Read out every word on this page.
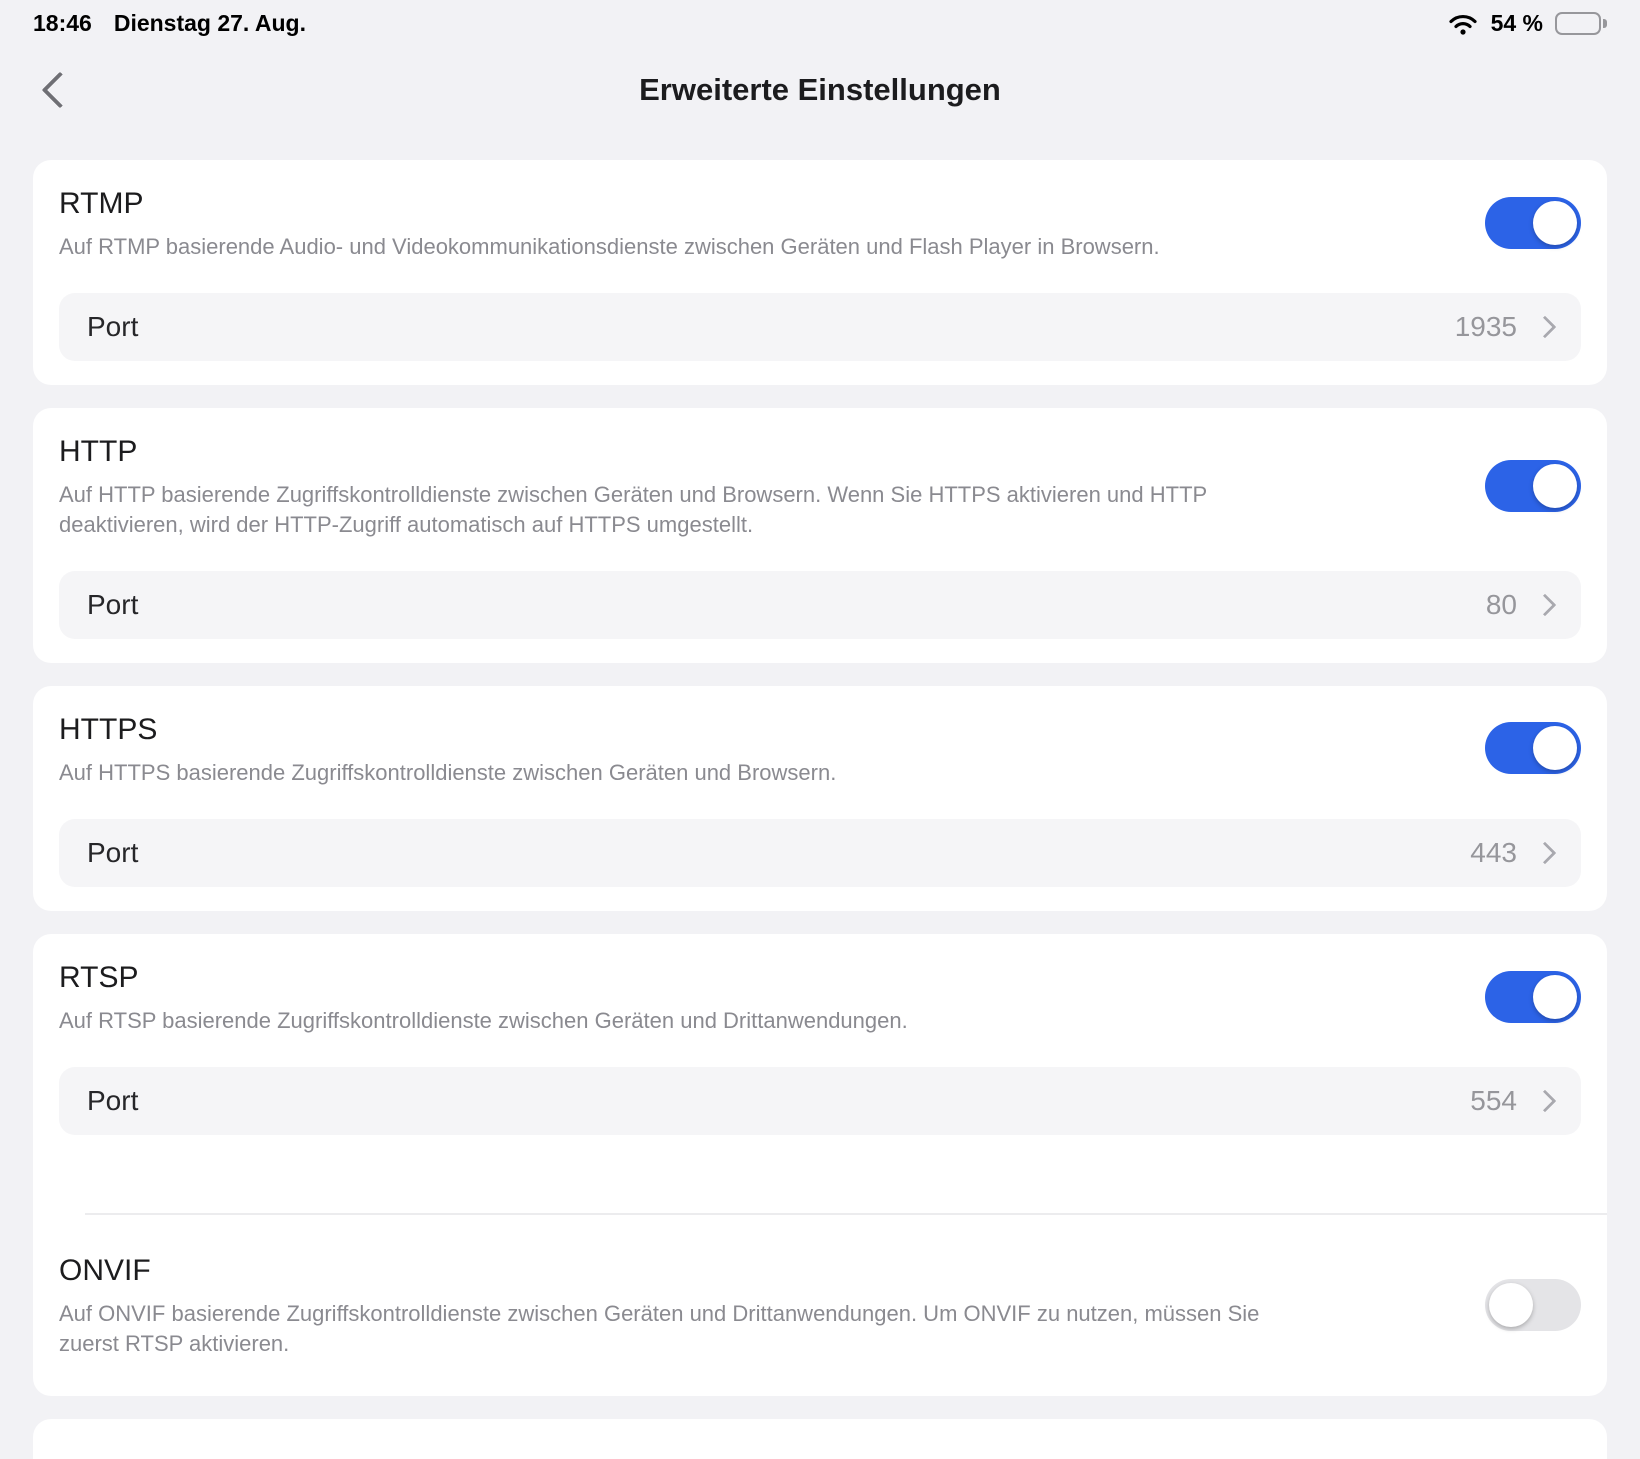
18:46 Dienstag 27. Aug.	54 %
Erweiterte Einstellungen
RTMP

Auf RTMP basierende Audio- und Videokommunikationsdienste zwischen Geräten und Flash Player in Browsern.

Port	1935
HTTP

Auf HTTP basierende Zugriffskontrolldienste zwischen Geräten und Browsern. Wenn Sie HTTPS aktivieren und HTTP deaktivieren, wird der HTTP-Zugriff automatisch auf HTTPS umgestellt.

Port	80
HTTPS

Auf HTTPS basierende Zugriffskontrolldienste zwischen Geräten und Browsern.

Port	443
RTSP

Auf RTSP basierende Zugriffskontrolldienste zwischen Geräten und Drittanwendungen.

Port	554
ONVIF

Auf ONVIF basierende Zugriffskontrolldienste zwischen Geräten und Drittanwendungen. Um ONVIF zu nutzen, müssen Sie zuerst RTSP aktivieren.
